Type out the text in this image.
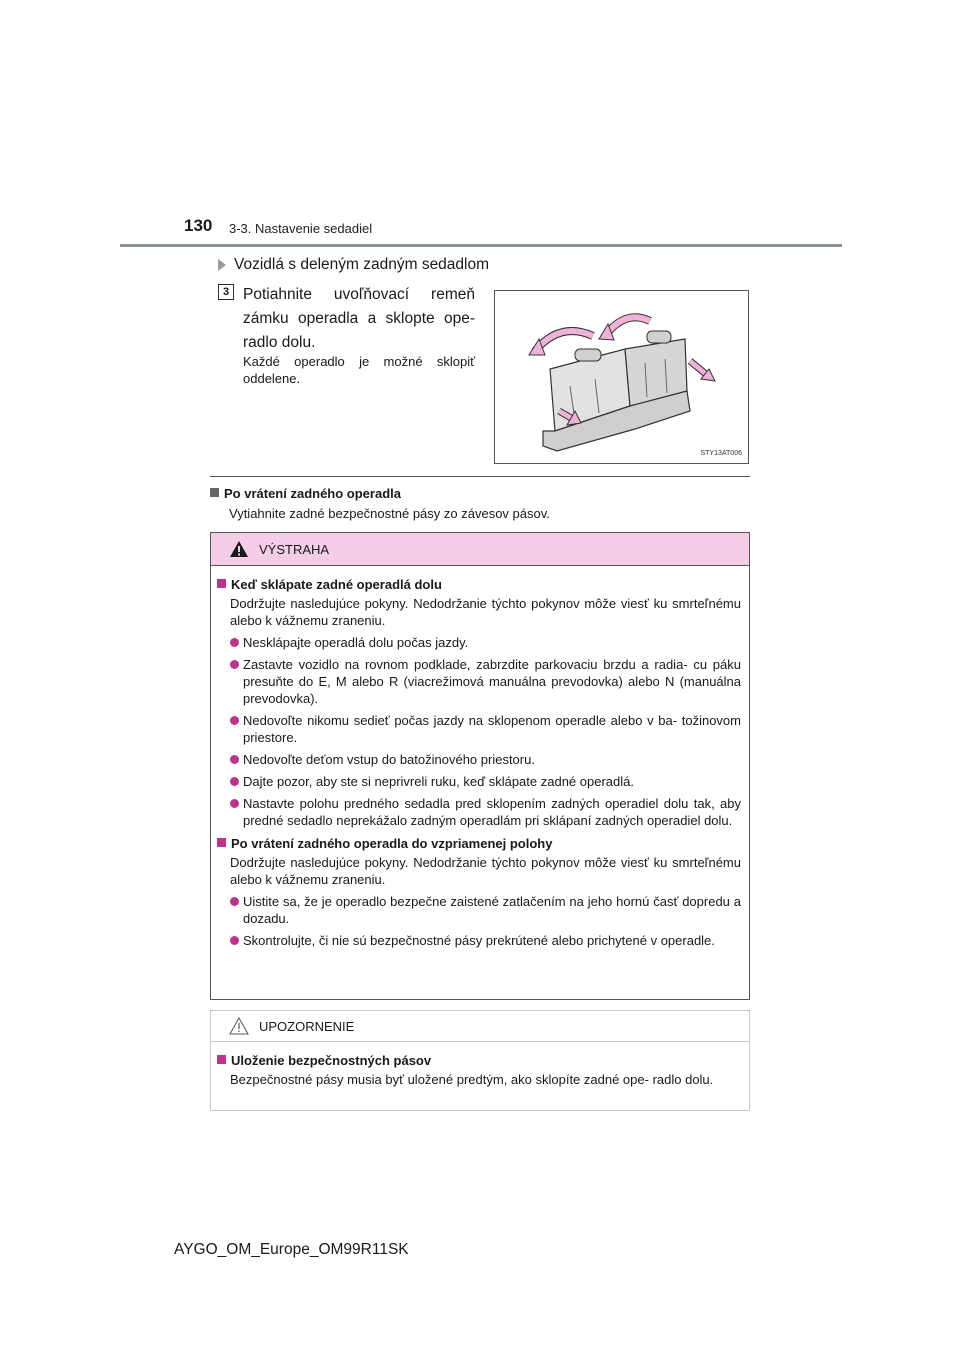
130 3-3. Nastavenie sedadiel
Vozidlá s deleným zadným sedadlom
3 Potiahnite uvoľňovací remeň zámku operadla a sklopte ope- radlo dolu.
Každé operadlo je možné sklopiť oddelene.
STY13AT006
Po vrátení zadného operadla
Vytiahnite zadné bezpečnostné pásy zo závesov pásov.
VÝSTRAHA
Keď sklápate zadné operadlá dolu
Dodržujte nasledujúce pokyny. Nedodržanie týchto pokynov môže viesť ku smrteľnému alebo k vážnemu zraneniu.
Nesklápajte operadlá dolu počas jazdy.
Zastavte vozidlo na rovnom podklade, zabrzdite parkovaciu brzdu a radia- cu páku presuňte do E, M alebo R (viacrežimová manuálna prevodovka) alebo N (manuálna prevodovka).
Nedovoľte nikomu sedieť počas jazdy na sklopenom operadle alebo v ba- tožinovom priestore.
Nedovoľte deťom vstup do batožinového priestoru.
Dajte pozor, aby ste si neprivreli ruku, keď sklápate zadné operadlá.
Nastavte polohu predného sedadla pred sklopením zadných operadiel dolu tak, aby predné sedadlo neprekážalo zadným operadlám pri sklápaní zadných operadiel dolu.
Po vrátení zadného operadla do vzpriamenej polohy
Dodržujte nasledujúce pokyny. Nedodržanie týchto pokynov môže viesť ku smrteľnému alebo k vážnemu zraneniu.
Uistite sa, že je operadlo bezpečne zaistené zatlačením na jeho hornú časť dopredu a dozadu.
Skontrolujte, či nie sú bezpečnostné pásy prekrútené alebo prichytené v operadle.
UPOZORNENIE
Uloženie bezpečnostných pásov
Bezpečnostné pásy musia byť uložené predtým, ako sklopíte zadné ope- radlo dolu.
AYGO_OM_Europe_OM99R11SK
